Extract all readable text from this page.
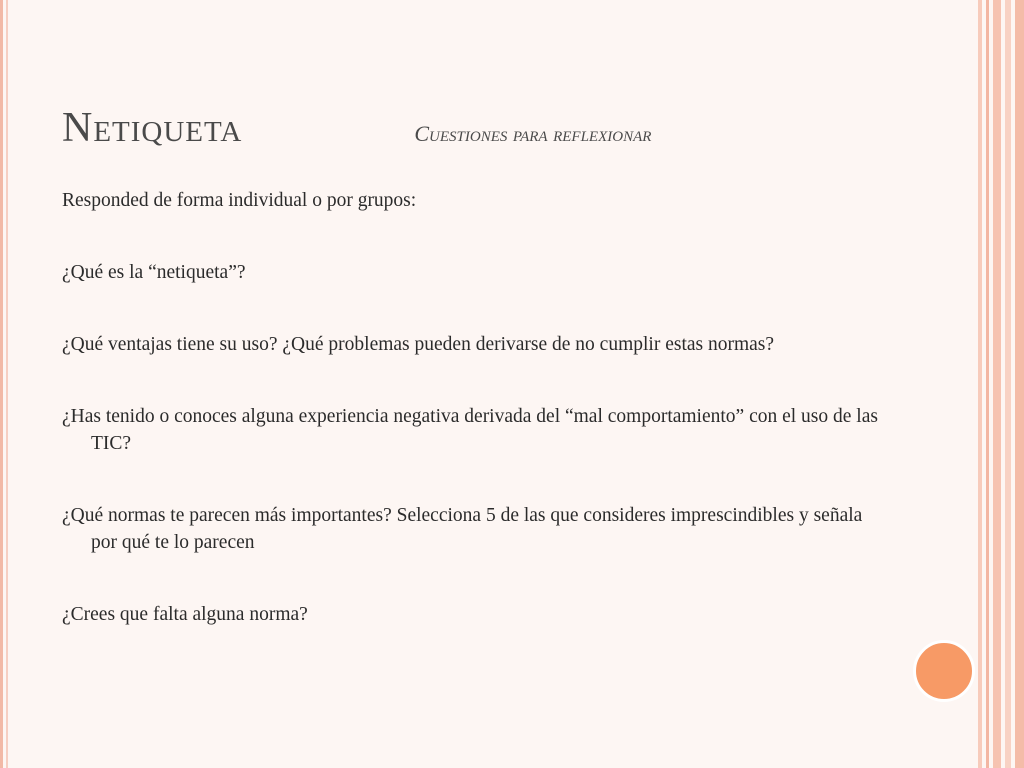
Netiqueta	Cuestiones para reflexionar

Responded de forma individual o por grupos:

¿Qué es la “netiqueta”?

¿Qué ventajas tiene su uso? ¿Qué problemas pueden derivarse de no cumplir estas normas?

¿Has tenido o conoces alguna experiencia negativa derivada del “mal comportamiento” con el uso de las TIC?

¿Qué normas te parecen más importantes? Selecciona 5 de las que consideres imprescindibles y señala por qué te lo parecen

¿Crees que falta alguna norma?
